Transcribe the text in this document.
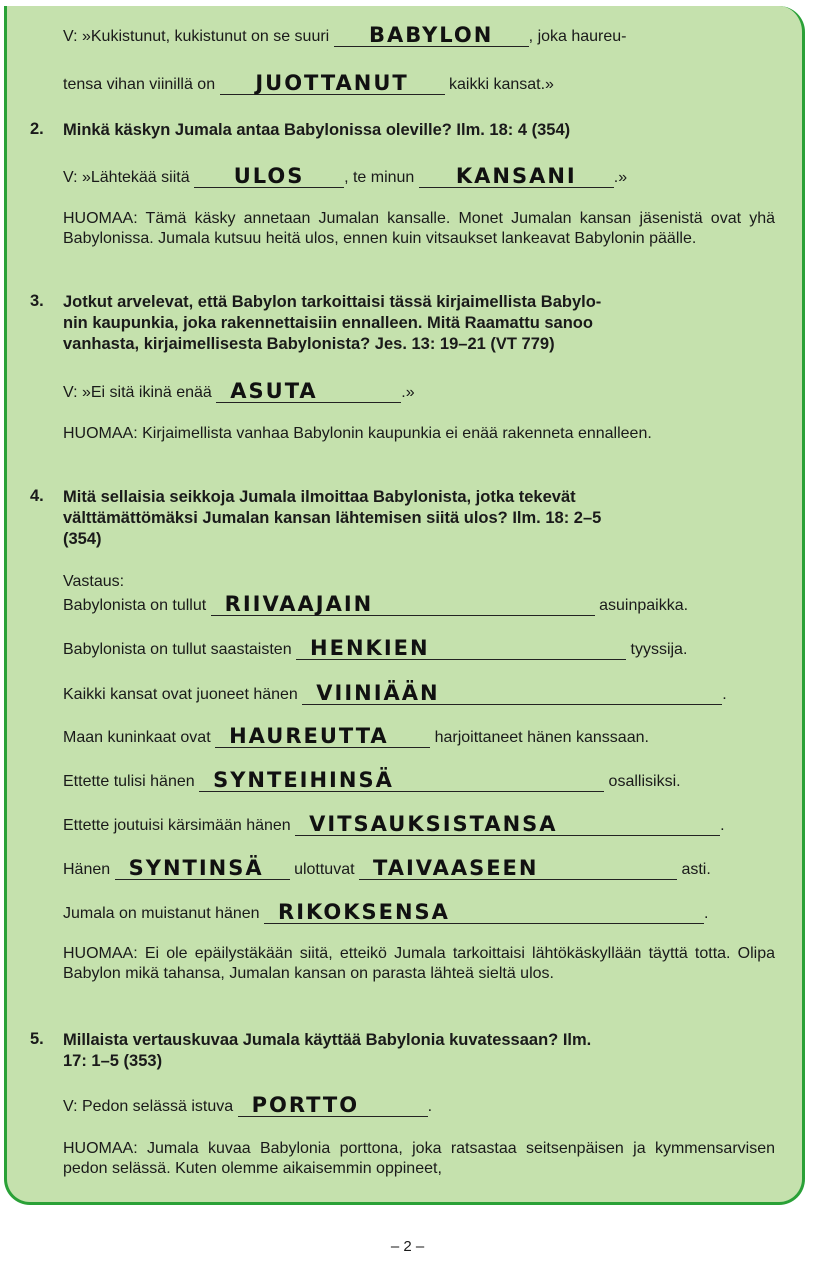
V: »Kukistunut, kukistunut on se suuri	BABYLON	, joka haureu-
tensa vihan viinillä on	JUOTTANUT	kaikki kansat.»
2. Minkä käskyn Jumala antaa Babylonissa oleville? Ilm. 18: 4 (354)
V: »Lähtekää siitä	ULOS	, te minun	KANSANI	.»
HUOMAA: Tämä käsky annetaan Jumalan kansalle. Monet Jumalan kansan jäsenistä ovat yhä Babylonissa. Jumala kutsuu heitä ulos, ennen kuin vitsaukset lankeavat Babylonin päälle.
3. Jotkut arvelevat, että Babylon tarkoittaisi tässä kirjaimellista Babylo-
nin kaupunkia, joka rakennettaisiin ennalleen. Mitä Raamattu sanoo
vanhasta, kirjaimellisesta Babylonista? Jes. 13: 19–21 (VT 779)
V: »Ei sitä ikinä enää ASUTA	.»
HUOMAA: Kirjaimellista vanhaa Babylonin kaupunkia ei enää rakenneta ennalleen.
4. Mitä sellaisia seikkoja Jumala ilmoittaa Babylonista, jotka tekevät
välttämättömäksi Jumalan kansan lähtemisen siitä ulos? Ilm. 18: 2–5
(354)
Vastaus:
Babylonista on tullut RIIVAAJAIN	asuinpaikka.
Babylonista on tullut saastaisten HENKIEN	tyyssija.
Kaikki kansat ovat juoneet hänen VIINIÄÄN	.
Maan kuninkaat ovat HAUREUTTA	harjoittaneet hänen kanssaan.
Ettette tulisi hänen SYNTEIHINSÄ	osallisiksi.
Ettette joutuisi kärsimään hänen VITSAUKSISTANSA	.
Hänen SYNTINSÄ	ulottuvat TAIVAASEEN	asti.
Jumala on muistanut hänen RIKOKSENSA	.
HUOMAA: Ei ole epäilystäkään siitä, etteikö Jumala tarkoittaisi lähtökäskyllään täyttä totta. Olipa Babylon mikä tahansa, Jumalan kansan on parasta lähteä sieltä ulos.
5. Millaista vertauskuvaa Jumala käyttää Babylonia kuvatessaan? Ilm.
17: 1–5 (353)
V: Pedon selässä istuva PORTTO	.
HUOMAA: Jumala kuvaa Babylonia porttona, joka ratsastaa seitsenpäisen ja kymmensarvisen pedon selässä. Kuten olemme aikaisemmin oppineet,
– 2 –
